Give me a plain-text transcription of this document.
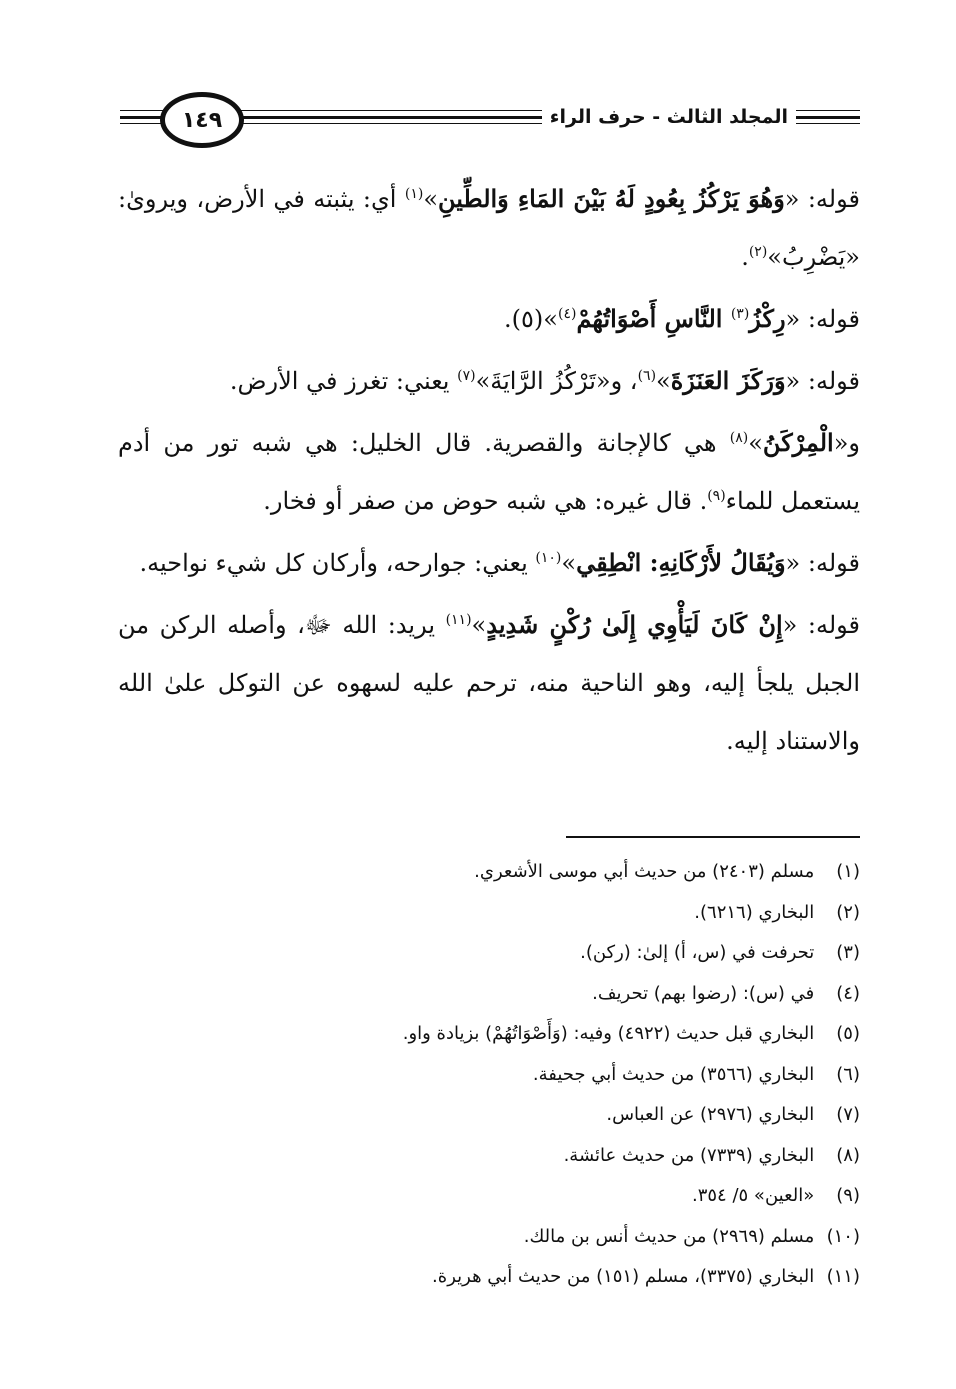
١٤٩	المجلد الثالث - حرف الراء

قوله: «وَهُوَ يَرْكُزُ بِعُودٍ لَهُ بَيْنَ المَاءِ وَالطِّينِ»$^{(١)}$ أي: يثبته في الأرض، ويروىٰ: «يَضْرِبُ»$^{(٢)}$.

قوله: «رِكْزُ$^{(٣)}$ النَّاسِ أَصْوَاتُهُمْ$^{(٤)}$»(٥).

قوله: «وَرَكَزَ العَنَزَةَ»$^{(٦)}$، و«تَرْكُزُ الرَّايَةَ»$^{(٧)}$ يعني: تغرز في الأرض.

و«الْمِرْكَنُ»$^{(٨)}$ هي كالإجانة والقصرية. قال الخليل: هي شبه تور من أدم يستعمل للماء$^{(٩)}$. قال غيره: هي شبه حوض من صفر أو فخار.

قوله: «وَيُقَالُ لأَرْكَانِهِ: انْطِقِي»$^{(١٠)}$ يعني: جوارحه، وأركان كل شيء نواحيه.

قوله: «إِنْ كَانَ لَيَأْوِي إِلَىٰ رُكْنٍ شَدِيدٍ»$^{(١١)}$ يريد: الله ﷻ، وأصله الركن من الجبل يلجأ إليه، وهو الناحية منه، ترحم عليه لسهوه عن التوكل علىٰ الله والاستناد إليه.

(١) مسلم (٢٤٠٣) من حديث أبي موسى الأشعري.
(٢) البخاري (٦٢١٦).
(٣) تحرفت في (س، أ) إلىٰ: (ركن).
(٤) في (س): (رضوا بهم) تحريف.
(٥) البخاري قبل حديث (٤٩٢٢) وفيه: (وَأَصْوَاتُهُمْ) بزيادة واو.
(٦) البخاري (٣٥٦٦) من حديث أبي جحيفة.
(٧) البخاري (٢٩٧٦) عن العباس.
(٨) البخاري (٧٣٣٩) من حديث عائشة.
(٩) «العين» ٥/ ٣٥٤.
(١٠) مسلم (٢٩٦٩) من حديث أنس بن مالك.
(١١) البخاري (٣٣٧٥)، مسلم (١٥١) من حديث أبي هريرة.
